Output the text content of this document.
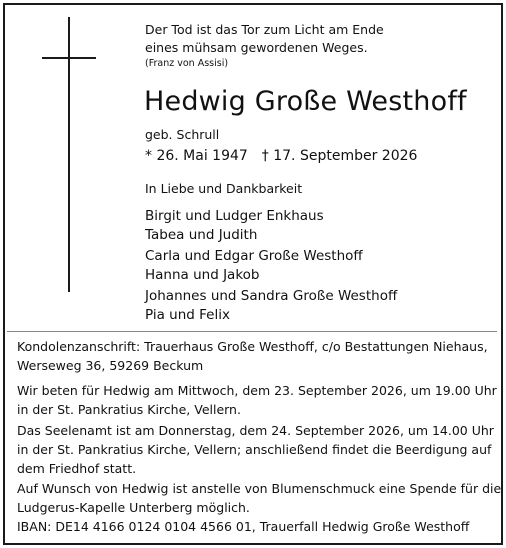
Der Tod ist das Tor zum Licht am Ende
eines mühsam gewordenen Weges.
(Franz von Assisi)
Hedwig Große Westhoff
geb. Schrull
* 26. Mai 1947 † 17. September 2026
In Liebe und Dankbarkeit
Birgit und Ludger Enkhaus
Tabea und Judith
Carla und Edgar Große Westhoff
Hanna und Jakob
Johannes und Sandra Große Westhoff
Pia und Felix
Kondolenzanschrift: Trauerhaus Große Westhoff, c/o Bestattungen Niehaus,
Werseweg 36, 59269 Beckum
Wir beten für Hedwig am Mittwoch, dem 23. September 2026, um 19.00 Uhr
in der St. Pankratius Kirche, Vellern.
Das Seelenamt ist am Donnerstag, dem 24. September 2026, um 14.00 Uhr
in der St. Pankratius Kirche, Vellern; anschließend findet die Beerdigung auf
dem Friedhof statt.
Auf Wunsch von Hedwig ist anstelle von Blumenschmuck eine Spende für die
Ludgerus-Kapelle Unterberg möglich.
IBAN: DE14 4166 0124 0104 4566 01, Trauerfall Hedwig Große Westhoff
